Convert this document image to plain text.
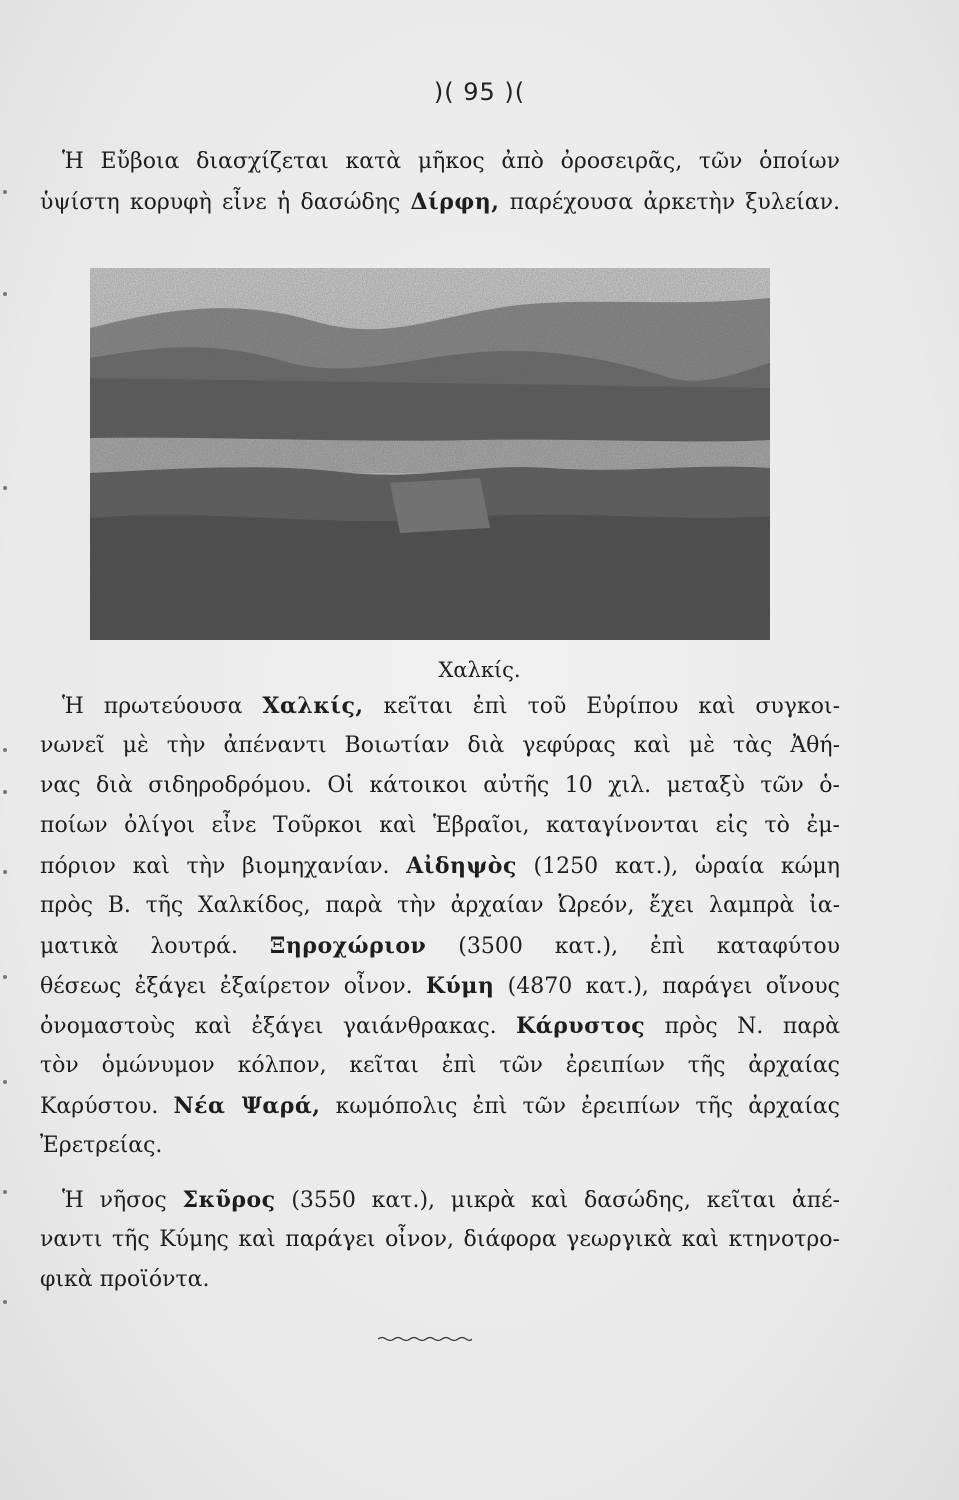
)( 95 )(
Ἡ Εὔβοια διασχίζεται κατὰ μῆκος ἀπὸ ὀροσειρᾶς, τῶν ὁποίων
ὑψίστη κορυφὴ εἶνε ἡ δασώδης Δίρφη, παρέχουσα ἀρκετὴν ξυλείαν.
Χαλκίς.
Ἡ πρωτεύουσα Χαλκίς, κεῖται ἐπὶ τοῦ Εὐρίπου καὶ συγκοι-
νωνεῖ μὲ τὴν ἀπέναντι Βοιωτίαν διὰ γεφύρας καὶ μὲ τὰς Ἀθή-
νας διὰ σιδηροδρόμου. Οἱ κάτοικοι αὐτῆς 10 χιλ. μεταξὺ τῶν ὁ-
ποίων ὀλίγοι εἶνε Τοῦρκοι καὶ Ἑβραῖοι, καταγίνονται εἰς τὸ ἐμ-
πόριον καὶ τὴν βιομηχανίαν. Αἰδηψὸς (1250 κατ.), ὡραία κώμη
πρὸς Β. τῆς Χαλκίδος, παρὰ τὴν ἀρχαίαν Ὠρεόν, ἔχει λαμπρὰ ἰα-
ματικὰ λουτρά. Ξηροχώριον (3500 κατ.), ἐπὶ καταφύτου
θέσεως ἐξάγει ἐξαίρετον οἶνον. Κύμη (4870 κατ.), παράγει οἴνους
ὀνομαστοὺς καὶ ἐξάγει γαιάνθρακας. Κάρυστος πρὸς Ν. παρὰ
τὸν ὁμώνυμον κόλπον, κεῖται ἐπὶ τῶν ἐρειπίων τῆς ἀρχαίας
Καρύστου. Νέα Ψαρά, κωμόπολις ἐπὶ τῶν ἐρειπίων τῆς ἀρχαίας
Ἐρετρείας.
Ἡ νῆσος Σκῦρος (3550 κατ.), μικρὰ καὶ δασώδης, κεῖται ἀπέ-
ναντι τῆς Κύμης καὶ παράγει οἶνον, διάφορα γεωργικὰ καὶ κτηνοτρο-
φικὰ προϊόντα.
